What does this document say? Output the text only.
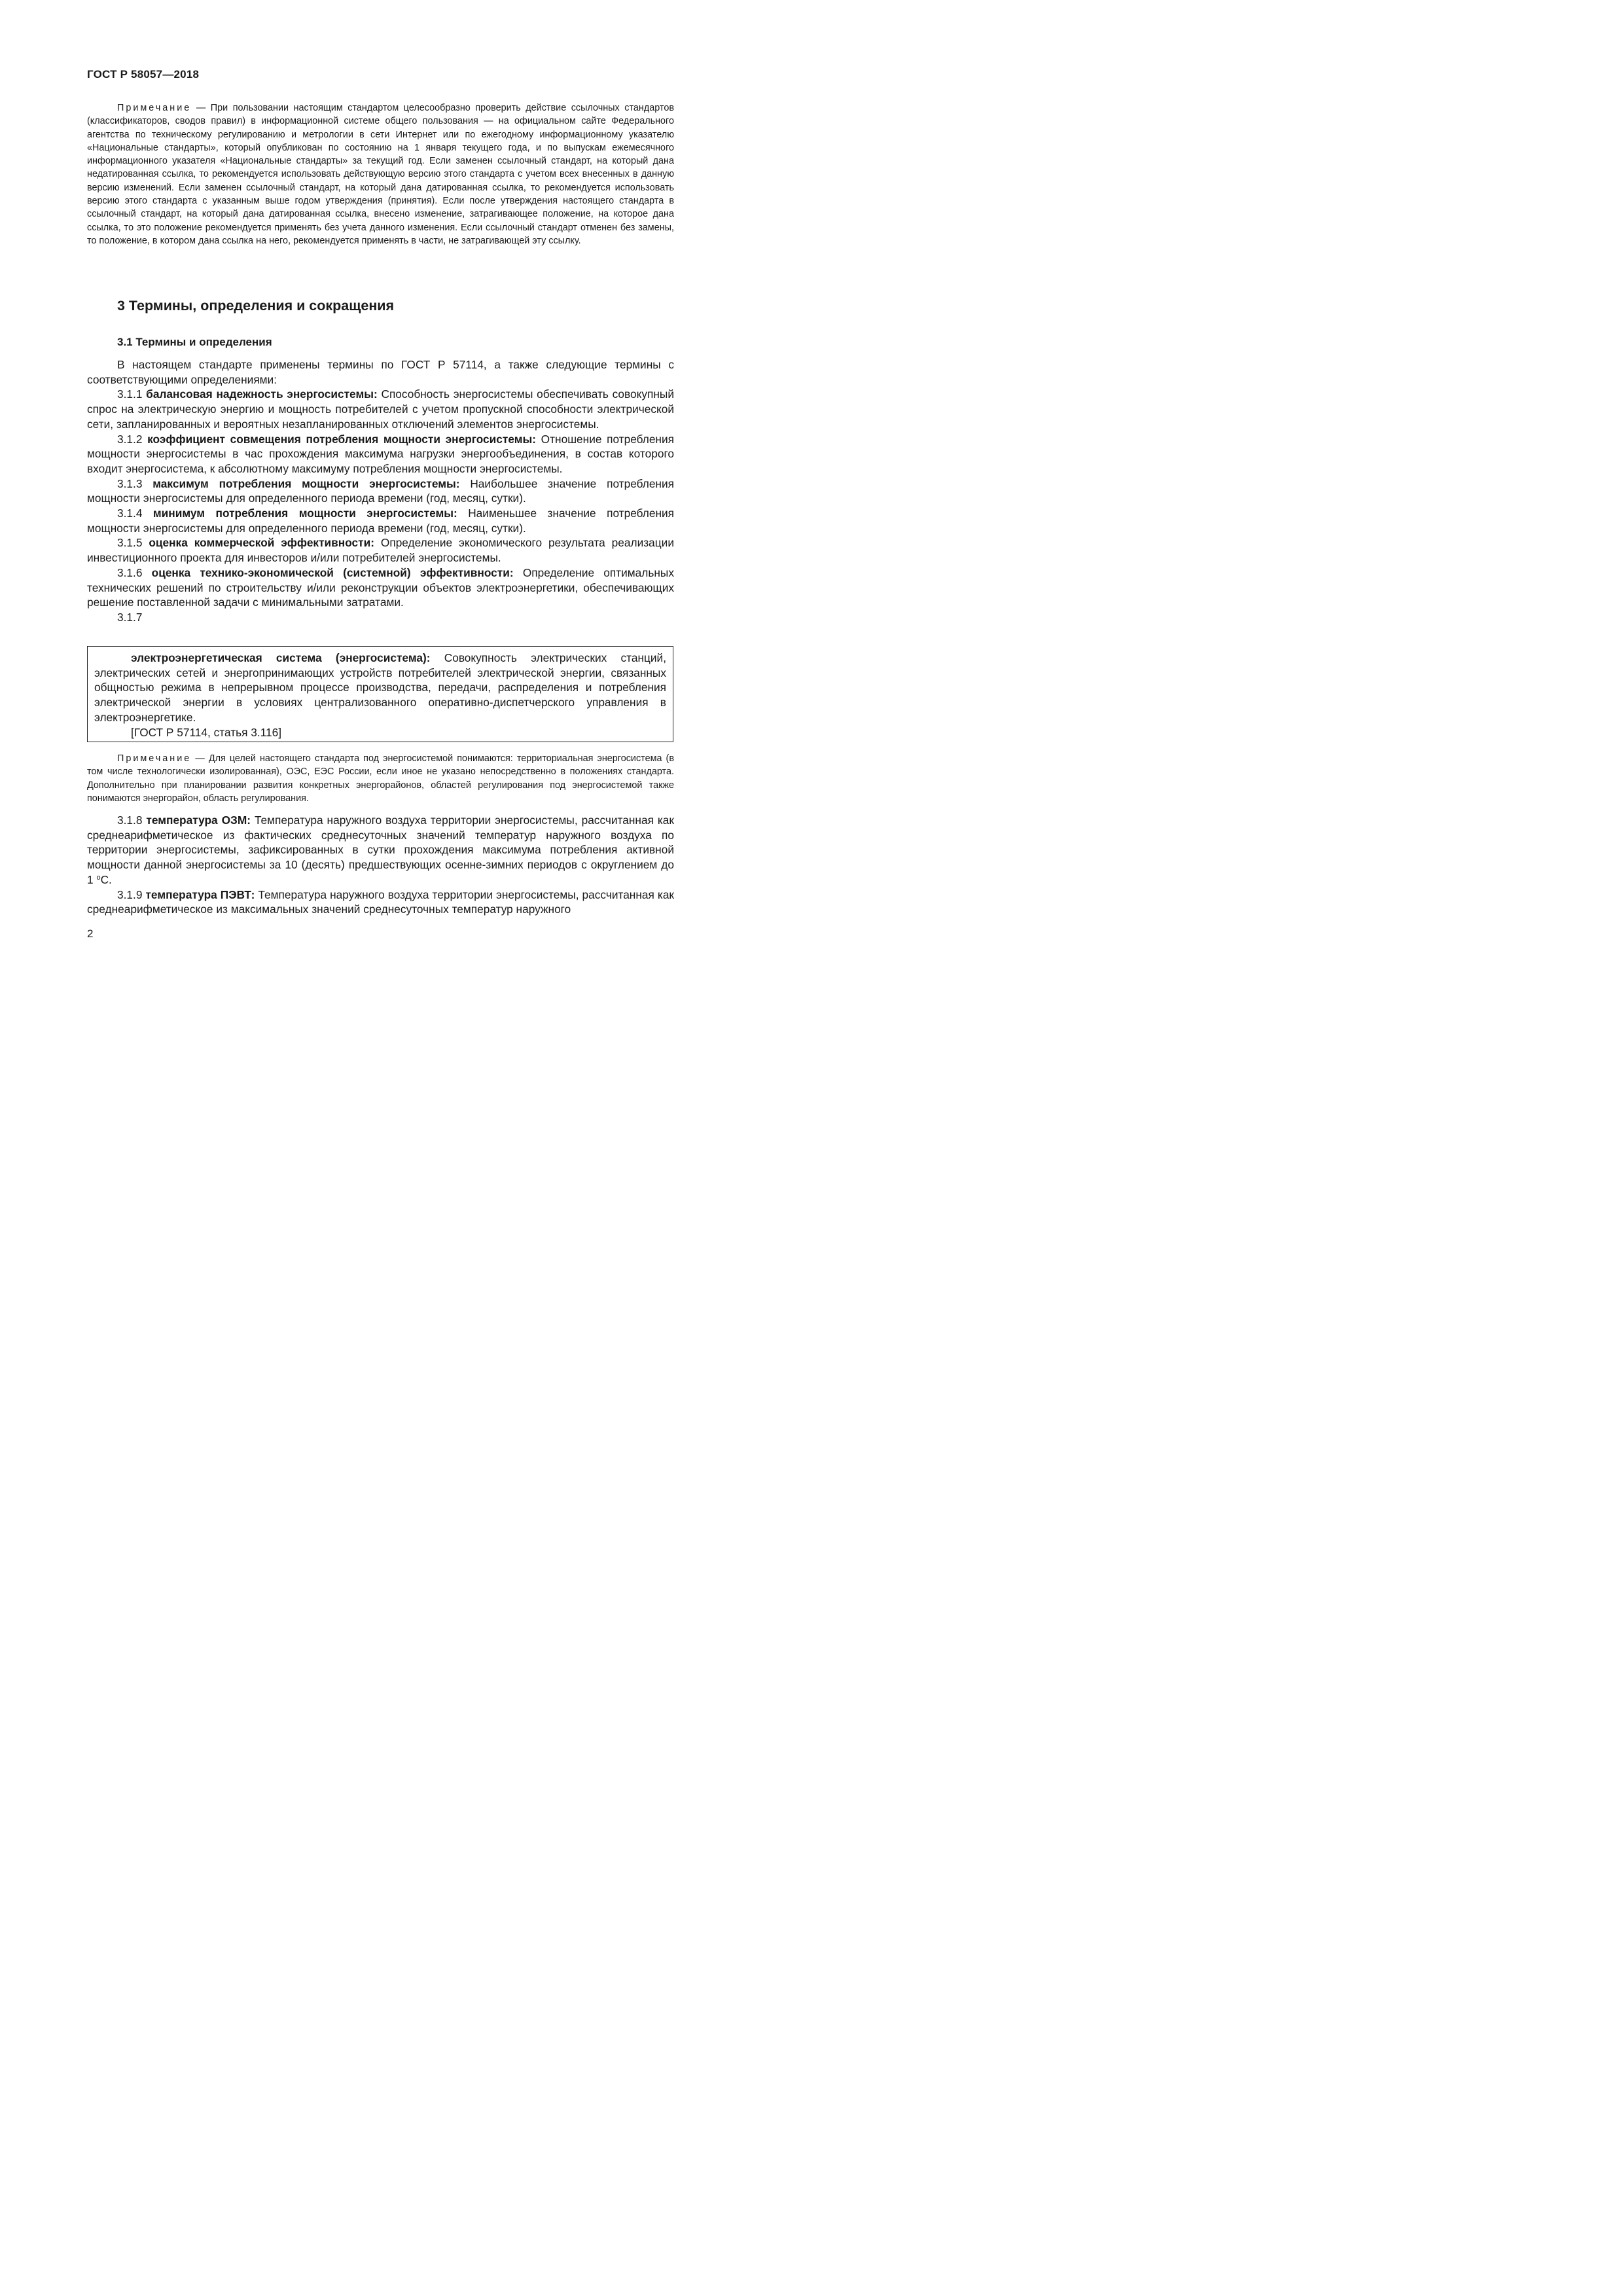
ГОСТ Р 58057—2018

Примечание — При пользовании настоящим стандартом целесообразно проверить действие ссылочных стандартов (классификаторов, сводов правил) в информационной системе общего пользования — на официальном сайте Федерального агентства по техническому регулированию и метрологии в сети Интернет или по ежегодному информационному указателю «Национальные стандарты», который опубликован по состоянию на 1 января текущего года, и по выпускам ежемесячного информационного указателя «Национальные стандарты» за текущий год. Если заменен ссылочный стандарт, на который дана недатированная ссылка, то рекомендуется использовать действующую версию этого стандарта с учетом всех внесенных в данную версию изменений. Если заменен ссылочный стандарт, на который дана датированная ссылка, то рекомендуется использовать версию этого стандарта с указанным выше годом утверждения (принятия). Если после утверждения настоящего стандарта в ссылочный стандарт, на который дана датированная ссылка, внесено изменение, затрагивающее положение, на которое дана ссылка, то это положение рекомендуется применять без учета данного изменения. Если ссылочный стандарт отменен без замены, то положение, в котором дана ссылка на него, рекомендуется применять в части, не затрагивающей эту ссылку.

3 Термины, определения и сокращения
3.1 Термины и определения

В настоящем стандарте применены термины по ГОСТ Р 57114, а также следующие термины с соответствующими определениями:

3.1.1 балансовая надежность энергосистемы: Способность энергосистемы обеспечивать совокупный спрос на электрическую энергию и мощность потребителей с учетом пропускной способности электрической сети, запланированных и вероятных незапланированных отключений элементов энергосистемы.

3.1.2 коэффициент совмещения потребления мощности энергосистемы: Отношение потребления мощности энергосистемы в час прохождения максимума нагрузки энергообъединения, в состав которого входит энергосистема, к абсолютному максимуму потребления мощности энергосистемы.

3.1.3 максимум потребления мощности энергосистемы: Наибольшее значение потребления мощности энергосистемы для определенного периода времени (год, месяц, сутки).

3.1.4 минимум потребления мощности энергосистемы: Наименьшее значение потребления мощности энергосистемы для определенного периода времени (год, месяц, сутки).

3.1.5 оценка коммерческой эффективности: Определение экономического результата реализации инвестиционного проекта для инвесторов и/или потребителей энергосистемы.

3.1.6 оценка технико-экономической (системной) эффективности: Определение оптимальных технических решений по строительству и/или реконструкции объектов электроэнергетики, обеспечивающих решение поставленной задачи с минимальными затратами.

3.1.7

электроэнергетическая система (энергосистема): Совокупность электрических станций, электрических сетей и энергопринимающих устройств потребителей электрической энергии, связанных общностью режима в непрерывном процессе производства, передачи, распределения и потребления электрической энергии в условиях централизованного оперативно-диспетчерского управления в электроэнергетике.

[ГОСТ Р 57114, статья 3.116]

Примечание — Для целей настоящего стандарта под энергосистемой понимаются: территориальная энергосистема (в том числе технологически изолированная), ОЭС, ЕЭС России, если иное не указано непосредственно в положениях стандарта. Дополнительно при планировании развития конкретных энергорайонов, областей регулирования под энергосистемой также понимаются энергорайон, область регулирования.

3.1.8 температура ОЗМ: Температура наружного воздуха территории энергосистемы, рассчитанная как среднеарифметическое из фактических среднесуточных значений температур наружного воздуха по территории энергосистемы, зафиксированных в сутки прохождения максимума потребления активной мощности данной энергосистемы за 10 (десять) предшествующих осенне-зимних периодов с округлением до 1 $^о$С.

3.1.9 температура ПЭВТ: Температура наружного воздуха территории энергосистемы, рассчитанная как среднеарифметическое из максимальных значений среднесуточных температур наружного

2
